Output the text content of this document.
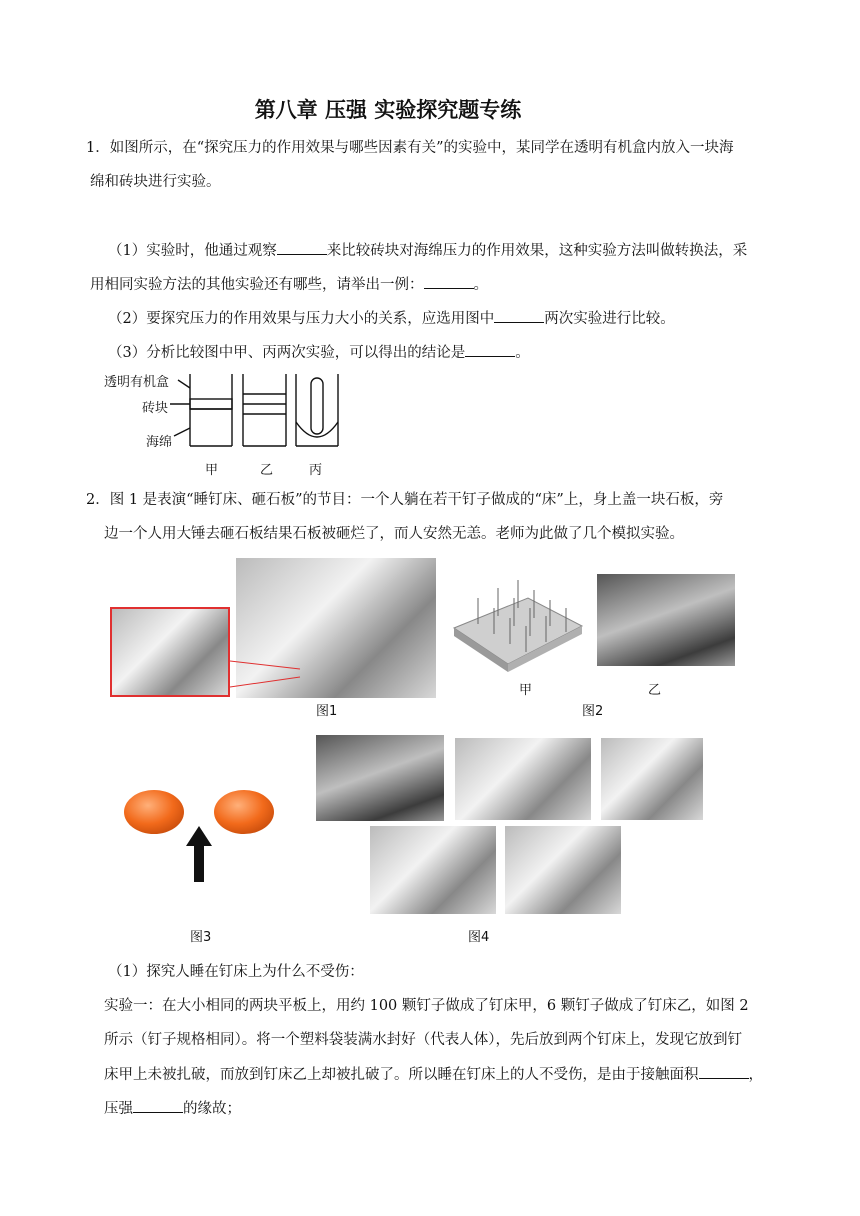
第八章 压强 实验探究题专练
1．如图所示，在“探究压力的作用效果与哪些因素有关”的实验中，某同学在透明有机盒内放入一块海
绵和砖块进行实验。
（1）实验时，他通过观察	来比较砖块对海绵压力的作用效果，这种实验方法叫做转换法，采
用相同实验方法的其他实验还有哪些，请举出一例：	。
（2）要探究压力的作用效果与压力大小的关系，应选用图中	两次实验进行比较。
（3）分析比较图中甲、丙两次实验，可以得出的结论是	。
透明有机盒
砖块
海绵
甲	乙	丙
2．图 1 是表演“睡钉床、砸石板”的节目：一个人躺在若干钉子做成的“床”上，身上盖一块石板，旁
边一个人用大锤去砸石板结果石板被砸烂了，而人安然无恙。老师为此做了几个模拟实验。
图1
甲	乙
图2
图3	图4
（1）探究人睡在钉床上为什么不受伤：
实验一：在大小相同的两块平板上，用约 100 颗钉子做成了钉床甲，6 颗钉子做成了钉床乙，如图 2
所示（钉子规格相同）。将一个塑料袋装满水封好（代表人体），先后放到两个钉床上，发现它放到钉
床甲上未被扎破，而放到钉床乙上却被扎破了。所以睡在钉床上的人不受伤，是由于接触面积	，
压强	的缘故；
